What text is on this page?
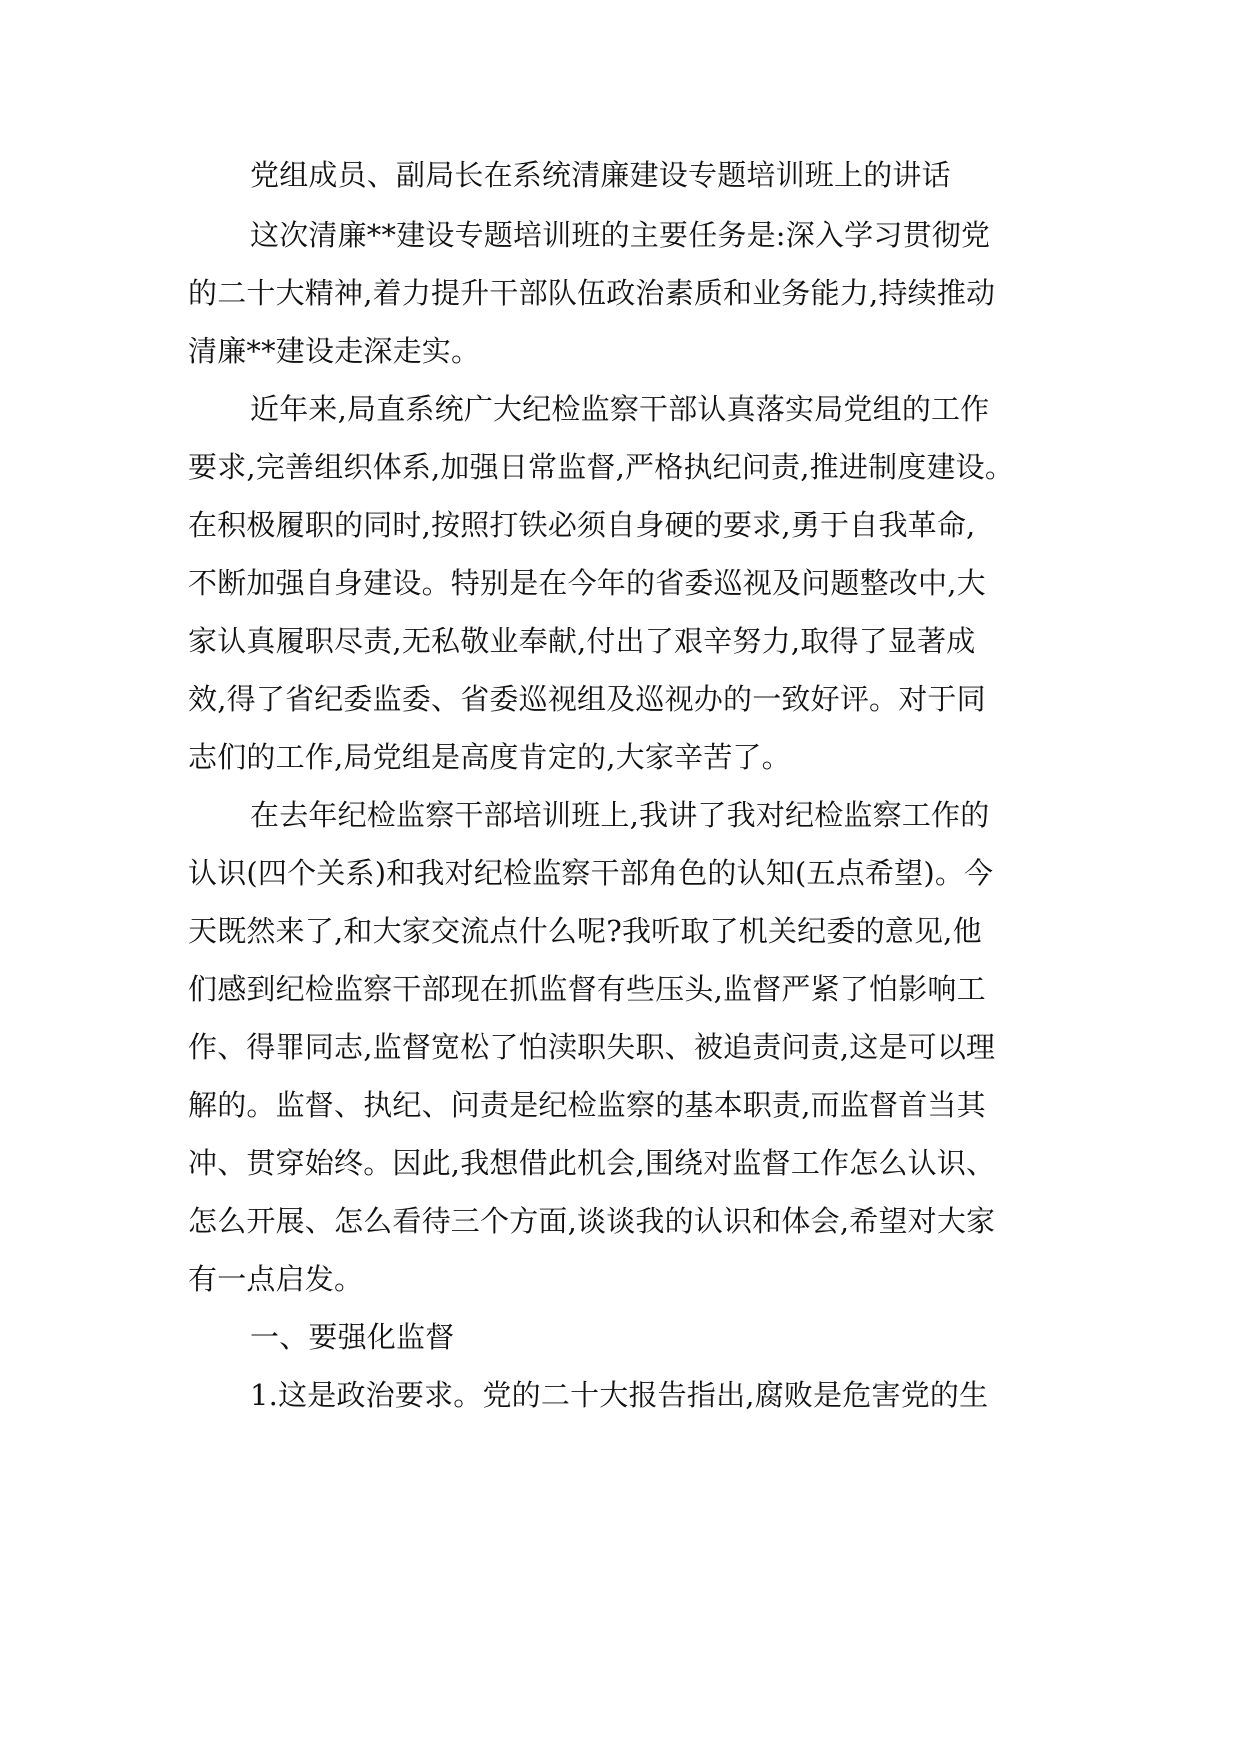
党组成员、副局长在系统清廉建设专题培训班上的讲话

这次清廉**建设专题培训班的主要任务是:深入学习贯彻党

的二十大精神,着力提升干部队伍政治素质和业务能力,持续推动

清廉**建设走深走实。

近年来,局直系统广大纪检监察干部认真落实局党组的工作

要求,完善组织体系,加强日常监督,严格执纪问责,推进制度建设。

在积极履职的同时,按照打铁必须自身硬的要求,勇于自我革命,

不断加强自身建设。特别是在今年的省委巡视及问题整改中,大

家认真履职尽责,无私敬业奉献,付出了艰辛努力,取得了显著成

效,得了省纪委监委、省委巡视组及巡视办的一致好评。对于同

志们的工作,局党组是高度肯定的,大家辛苦了。

在去年纪检监察干部培训班上,我讲了我对纪检监察工作的

认识(四个关系)和我对纪检监察干部角色的认知(五点希望)。今

天既然来了,和大家交流点什么呢?我听取了机关纪委的意见,他

们感到纪检监察干部现在抓监督有些压头,监督严紧了怕影响工

作、得罪同志,监督宽松了怕渎职失职、被追责问责,这是可以理

解的。监督、执纪、问责是纪检监察的基本职责,而监督首当其

冲、贯穿始终。因此,我想借此机会,围绕对监督工作怎么认识、

怎么开展、怎么看待三个方面,谈谈我的认识和体会,希望对大家

有一点启发。

一、要强化监督

1.这是政治要求。党的二十大报告指出,腐败是危害党的生
